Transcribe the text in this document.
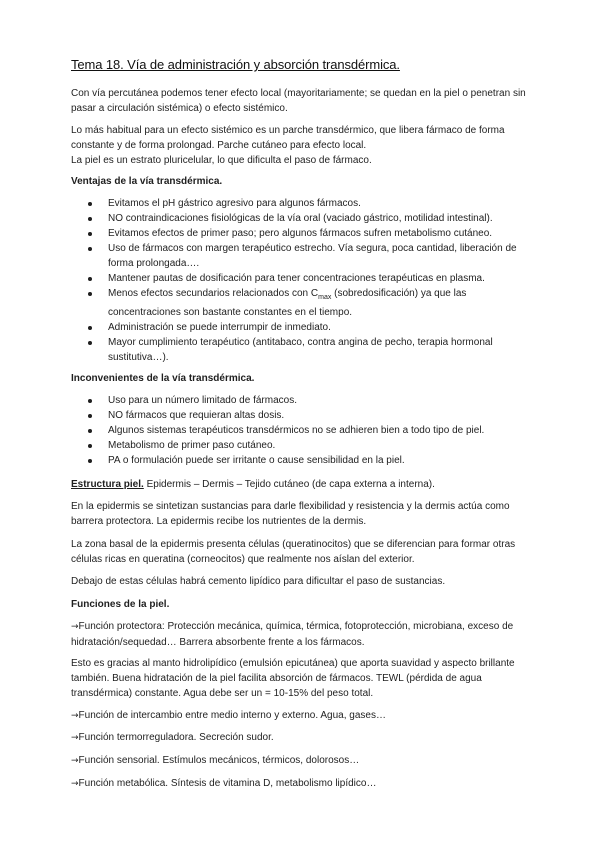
Tema 18. Vía de administración y absorción transdérmica.
Con vía percutánea podemos tener efecto local (mayoritariamente; se quedan en la piel o penetran sin pasar a circulación sistémica) o efecto sistémico.
Lo más habitual para un efecto sistémico es un parche transdérmico, que libera fármaco de forma constante y de forma prolongad. Parche cutáneo para efecto local.
La piel es un estrato pluricelular, lo que dificulta el paso de fármaco.
Ventajas de la vía transdérmica.
Evitamos el pH gástrico agresivo para algunos fármacos.
NO contraindicaciones fisiológicas de la vía oral (vaciado gástrico, motilidad intestinal).
Evitamos efectos de primer paso; pero algunos fármacos sufren metabolismo cutáneo.
Uso de fármacos con margen terapéutico estrecho. Vía segura, poca cantidad, liberación de forma prolongada….
Mantener pautas de dosificación para tener concentraciones terapéuticas en plasma.
Menos efectos secundarios relacionados con $C_{max}$ (sobredosificación) ya que las concentraciones son bastante constantes en el tiempo.
Administración se puede interrumpir de inmediato.
Mayor cumplimiento terapéutico (antitabaco, contra angina de pecho, terapia hormonal sustitutiva…).
Inconvenientes de la vía transdérmica.
Uso para un número limitado de fármacos.
NO fármacos que requieran altas dosis.
Algunos sistemas terapéuticos transdérmicos no se adhieren bien a todo tipo de piel.
Metabolismo de primer paso cutáneo.
PA o formulación puede ser irritante o cause sensibilidad en la piel.
Estructura piel. Epidermis – Dermis – Tejido cutáneo (de capa externa a interna).
En la epidermis se sintetizan sustancias para darle flexibilidad y resistencia y la dermis actúa como barrera protectora. La epidermis recibe los nutrientes de la dermis.
La zona basal de la epidermis presenta células (queratinocitos) que se diferencian para formar otras células ricas en queratina (corneocitos) que realmente nos aíslan del exterior.
Debajo de estas células habrá cemento lipídico para dificultar el paso de sustancias.
Funciones de la piel.
→Función protectora: Protección mecánica, química, térmica, fotoprotección, microbiana, exceso de hidratación/sequedad… Barrera absorbente frente a los fármacos.
Esto es gracias al manto hidrolipídico (emulsión epicutánea) que aporta suavidad y aspecto brillante también. Buena hidratación de la piel facilita absorción de fármacos. TEWL (pérdida de agua transdérmica) constante. Agua debe ser un = 10-15% del peso total.
→Función de intercambio entre medio interno y externo. Agua, gases…
→Función termorreguladora. Secreción sudor.
→Función sensorial. Estímulos mecánicos, térmicos, dolorosos…
→Función metabólica. Síntesis de vitamina D, metabolismo lipídico…
